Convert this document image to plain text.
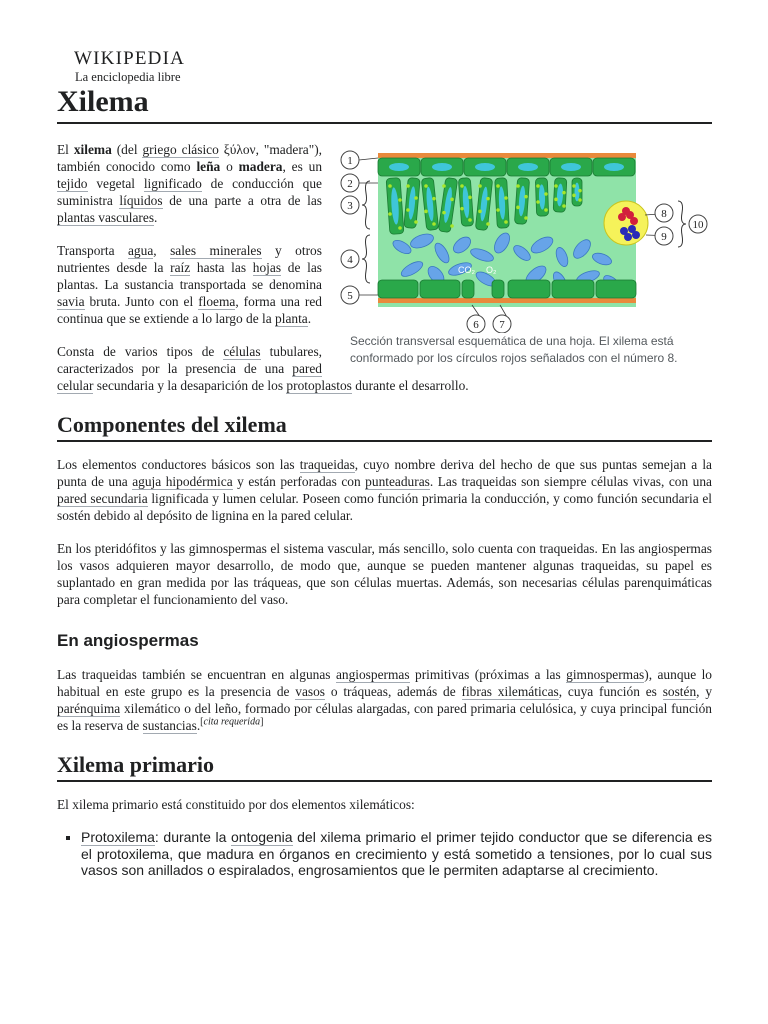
WIKIPEDIA
La enciclopedia libre
Xilema
CO₂ O₂
1
2
3
4
5
6 7
8
9
10
Sección transversal esquemática de una hoja. El xilema está conformado por los círculos rojos señalados con el número 8.

El xilema (del griego clásico ξύλον, "madera"), también conocido como leña o madera, es un tejido vegetal lignificado de conducción que suministra líquidos de una parte a otra de las plantas vasculares.

Transporta agua, sales minerales y otros nutrientes desde la raíz hasta las hojas de las plantas. La sustancia transportada se denomina savia bruta. Junto con el floema, forma una red continua que se extiende a lo largo de la planta.

Consta de varios tipos de células tubulares, caracterizados por la presencia de una pared celular secundaria y la desaparición de los protoplastos durante el desarrollo.

Componentes del xilema

Los elementos conductores básicos son las traqueidas, cuyo nombre deriva del hecho de que sus puntas semejan a la punta de una aguja hipodérmica y están perforadas con punteaduras. Las traqueidas son siempre células vivas, con una pared secundaria lignificada y lumen celular. Poseen como función primaria la conducción, y como función secundaria el sostén debido al depósito de lignina en la pared celular.

En los pteridófitos y las gimnospermas el sistema vascular, más sencillo, solo cuenta con traqueidas. En las angiospermas los vasos adquieren mayor desarrollo, de modo que, aunque se pueden mantener algunas traqueidas, su papel es suplantado en gran medida por las tráqueas, que son células muertas. Además, son necesarias células parenquimáticas para completar el funcionamiento del vaso.

En angiospermas

Las traqueidas también se encuentran en algunas angiospermas primitivas (próximas a las gimnospermas), aunque lo habitual en este grupo es la presencia de vasos o tráqueas, además de fibras xilemáticas, cuya función es sostén, y parénquima xilemático o del leño, formado por células alargadas, con pared primaria celulósica, y cuya principal función es la reserva de sustancias.[cita requerida]

Xilema primario

El xilema primario está constituido por dos elementos xilemáticos:

▪ Protoxilema: durante la ontogenia del xilema primario el primer tejido conductor que se diferencia es el protoxilema, que madura en órganos en crecimiento y está sometido a tensiones, por lo cual sus vasos son anillados o espiralados, engrosamientos que le permiten adaptarse al crecimiento.
